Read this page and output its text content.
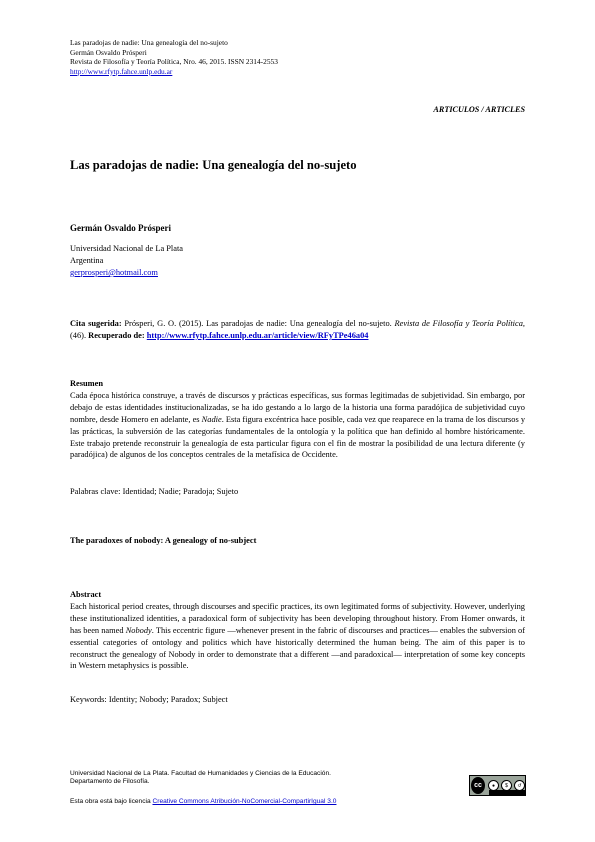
Las paradojas de nadie: Una genealogía del no-sujeto
Germán Osvaldo Prósperi
Revista de Filosofía y Teoría Política, Nro. 46, 2015. ISSN 2314-2553
http://www.rfytp.fahce.unlp.edu.ar
ARTICULOS / ARTICLES
Las paradojas de nadie: Una genealogía del no-sujeto
Germán Osvaldo Prósperi
Universidad Nacional de La Plata
Argentina
gerprosperi@hotmail.com
Cita sugerida: Prósperi, G. O. (2015). Las paradojas de nadie: Una genealogía del no-sujeto. Revista de Filosofía y Teoría Política, (46). Recuperado de: http://www.rfytp.fahce.unlp.edu.ar/article/view/RFyTPe46a04
Resumen
Cada época histórica construye, a través de discursos y prácticas específicas, sus formas legitimadas de subjetividad. Sin embargo, por debajo de estas identidades institucionalizadas, se ha ido gestando a lo largo de la historia una forma paradójica de subjetividad cuyo nombre, desde Homero en adelante, es Nadie. Esta figura excéntrica hace posible, cada vez que reaparece en la trama de los discursos y las prácticas, la subversión de las categorías fundamentales de la ontología y la política que han definido al hombre históricamente. Este trabajo pretende reconstruir la genealogía de esta particular figura con el fin de mostrar la posibilidad de una lectura diferente (y paradójica) de algunos de los conceptos centrales de la metafísica de Occidente.
Palabras clave: Identidad; Nadie; Paradoja; Sujeto
The paradoxes of nobody: A genealogy of no-subject
Abstract
Each historical period creates, through discourses and specific practices, its own legitimated forms of subjectivity. However, underlying these institutionalized identities, a paradoxical form of subjectivity has been developing throughout history. From Homer onwards, it has been named Nobody. This eccentric figure —whenever present in the fabric of discourses and practices— enables the subversion of essential categories of ontology and politics which have historically determined the human being. The aim of this paper is to reconstruct the genealogy of Nobody in order to demonstrate that a different —and paradoxical— interpretation of some key concepts in Western metaphysics is possible.
Keywords: Identity; Nobody; Paradox; Subject
Universidad Nacional de La Plata. Facultad de Humanidades y Ciencias de la Educación.
Departamento de Filosofía.
cc	●	$	↺
Esta obra está bajo licencia Creative Commons Atribución-NoComercial-CompartirIgual 3.0
